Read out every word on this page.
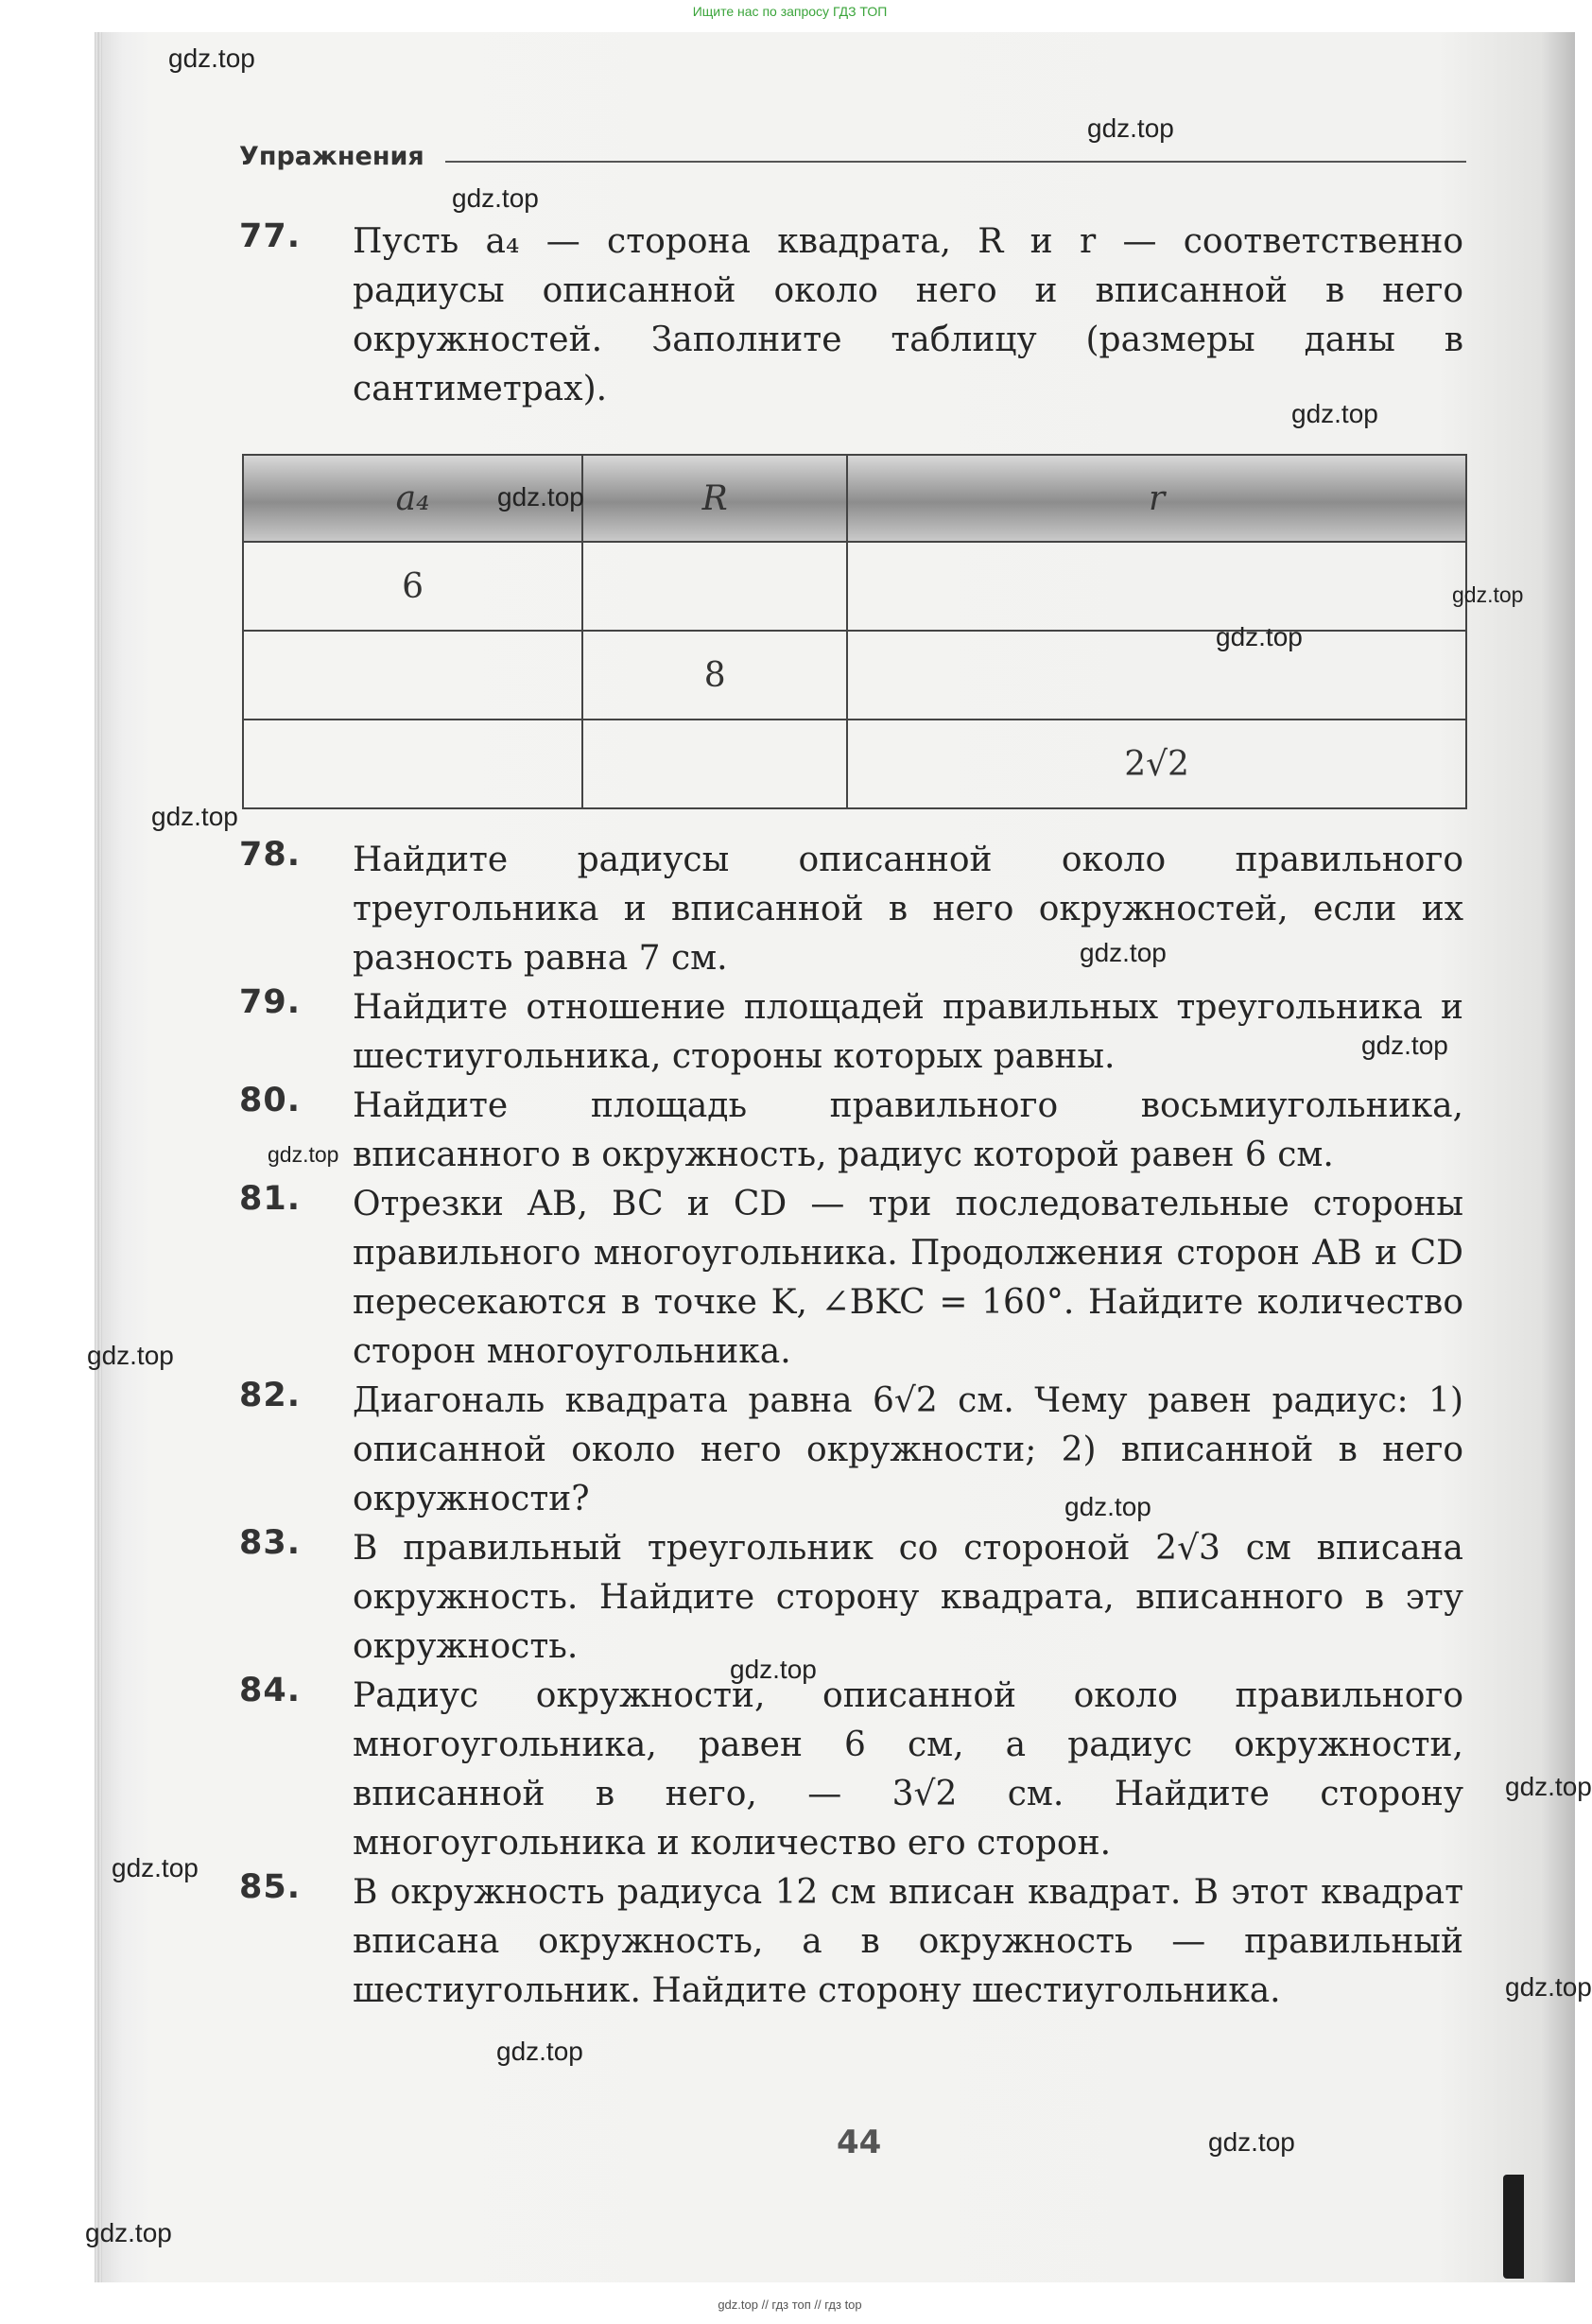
Ищите нас по запросу ГДЗ ТОП
Упражнения
77. Пусть a₄ — сторона квадрата, R и r — соответственно радиусы описанной около него и вписанной в него окружностей. Заполните таблицу (размеры даны в сантиметрах).
a₄	R	r
6		
	8	
		2√2
78. Найдите радиусы описанной около правильного треугольника и вписанной в него окружностей, если их разность равна 7 см.
79. Найдите отношение площадей правильных треугольника и шестиугольника, стороны которых равны.
80. Найдите площадь правильного восьмиугольника, вписанного в окружность, радиус которой равен 6 см.
81. Отрезки AB, BC и CD — три последовательные стороны правильного многоугольника. Продолжения сторон AB и CD пересекаются в точке K, ∠BKC = 160°. Найдите количество сторон многоугольника.
82. Диагональ квадрата равна 6√2 см. Чему равен радиус: 1) описанной около него окружности; 2) вписанной в него окружности?
83. В правильный треугольник со стороной 2√3 см вписана окружность. Найдите сторону квадрата, вписанного в эту окружность.
84. Радиус окружности, описанной около правильного многоугольника, равен 6 см, а радиус окружности, вписанной в него, — 3√2 см. Найдите сторону многоугольника и количество его сторон.
85. В окружность радиуса 12 см вписан квадрат. В этот квадрат вписана окружность, а в окружность — правильный шестиугольник. Найдите сторону шестиугольника.
44
gdz.top
gdz.top
gdz.top
gdz.top
gdz.top
gdz.top
gdz.top
gdz.top
gdz.top
gdz.top
gdz.top
gdz.top
gdz.top
gdz.top
gdz.top
gdz.top
gdz.top
gdz.top
gdz.top
gdz.top
gdz.top // гдз топ // гдз top
